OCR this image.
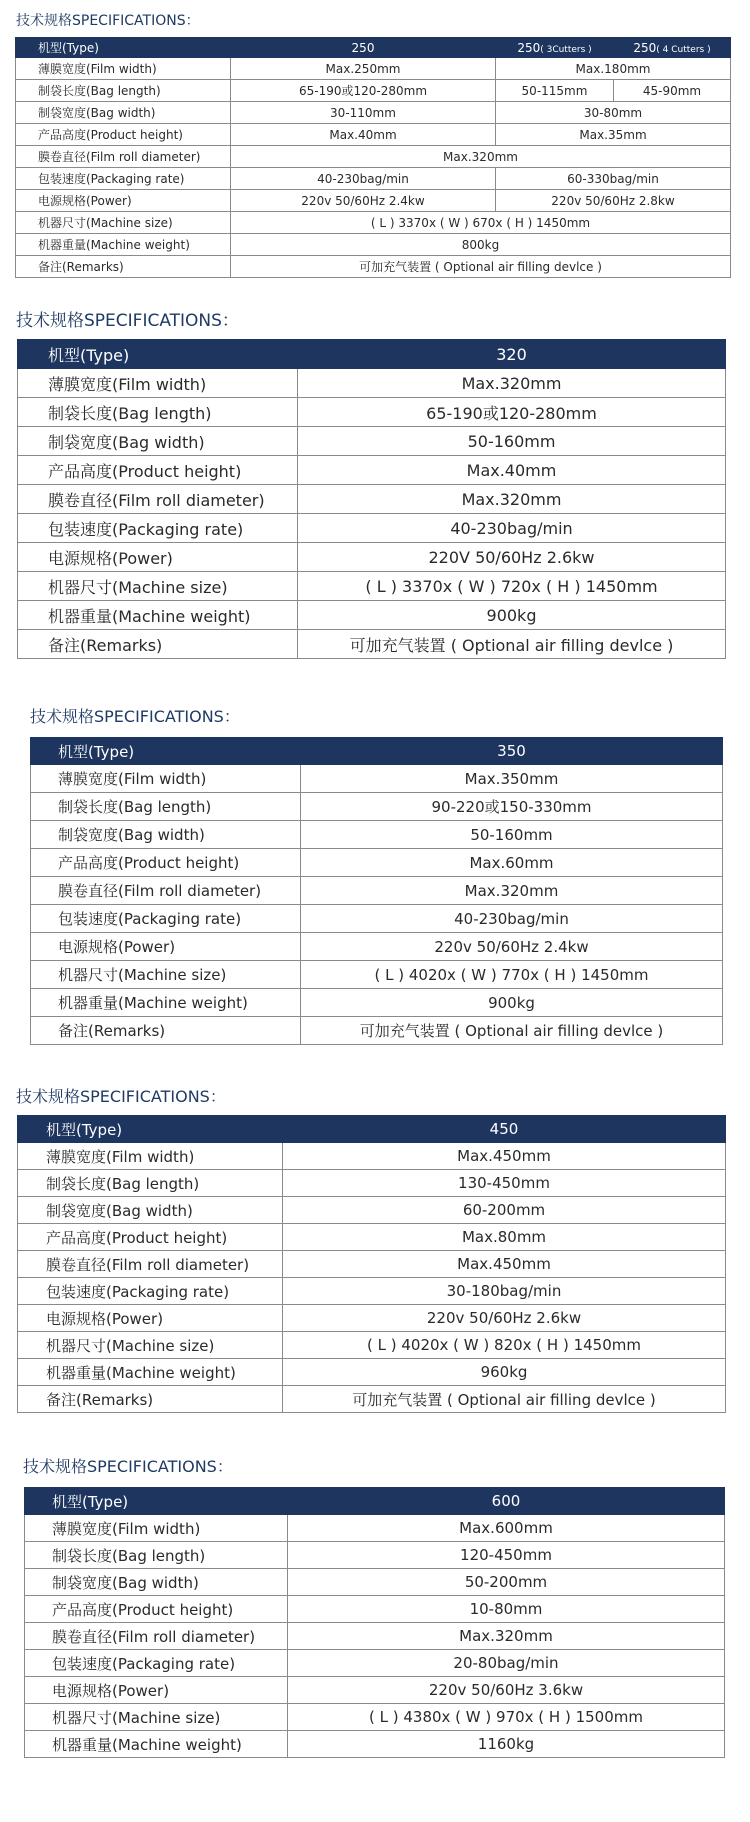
技术规格SPECIFICATIONS：
机型(Type)	250	250( 3Cutters )	250( 4 Cutters )
薄膜宽度(Film width)	Max.250mm	Max.180mm	
制袋长度(Bag length)	65-190或120-280mm	50-115mm	45-90mm
制袋宽度(Bag width)	30-110mm	30-80mm	
产品高度(Product height)	Max.40mm	Max.35mm	
膜卷直径(Film roll diameter)	Max.320mm		
包装速度(Packaging rate)	40-230bag/min	60-330bag/min	
电源规格(Power)	220v 50/60Hz 2.4kw	220v 50/60Hz 2.8kw	
机器尺寸(Machine size)	( L ) 3370x ( W ) 670x ( H ) 1450mm		
机器重量(Machine weight)	800kg		
备注(Remarks)	可加充气装置 ( Optional air filling devlce )		
技术规格SPECIFICATIONS：
机型(Type)	320
薄膜宽度(Film width)	Max.320mm
制袋长度(Bag length)	65-190或120-280mm
制袋宽度(Bag width)	50-160mm
产品高度(Product height)	Max.40mm
膜卷直径(Film roll diameter)	Max.320mm
包装速度(Packaging rate)	40-230bag/min
电源规格(Power)	220V 50/60Hz 2.6kw
机器尺寸(Machine size)	( L ) 3370x ( W ) 720x ( H ) 1450mm
机器重量(Machine weight)	900kg
备注(Remarks)	可加充气装置 ( Optional air filling devlce )
技术规格SPECIFICATIONS：
机型(Type)	350
薄膜宽度(Film width)	Max.350mm
制袋长度(Bag length)	90-220或150-330mm
制袋宽度(Bag width)	50-160mm
产品高度(Product height)	Max.60mm
膜卷直径(Film roll diameter)	Max.320mm
包装速度(Packaging rate)	40-230bag/min
电源规格(Power)	220v 50/60Hz 2.4kw
机器尺寸(Machine size)	( L ) 4020x ( W ) 770x ( H ) 1450mm
机器重量(Machine weight)	900kg
备注(Remarks)	可加充气装置 ( Optional air filling devlce )
技术规格SPECIFICATIONS：
机型(Type)	450
薄膜宽度(Film width)	Max.450mm
制袋长度(Bag length)	130-450mm
制袋宽度(Bag width)	60-200mm
产品高度(Product height)	Max.80mm
膜卷直径(Film roll diameter)	Max.450mm
包装速度(Packaging rate)	30-180bag/min
电源规格(Power)	220v 50/60Hz 2.6kw
机器尺寸(Machine size)	( L ) 4020x ( W ) 820x ( H ) 1450mm
机器重量(Machine weight)	960kg
备注(Remarks)	可加充气装置 ( Optional air filling devlce )
技术规格SPECIFICATIONS：
机型(Type)	600
薄膜宽度(Film width)	Max.600mm
制袋长度(Bag length)	120-450mm
制袋宽度(Bag width)	50-200mm
产品高度(Product height)	10-80mm
膜卷直径(Film roll diameter)	Max.320mm
包装速度(Packaging rate)	20-80bag/min
电源规格(Power)	220v 50/60Hz 3.6kw
机器尺寸(Machine size)	( L ) 4380x ( W ) 970x ( H ) 1500mm
机器重量(Machine weight)	1160kg
